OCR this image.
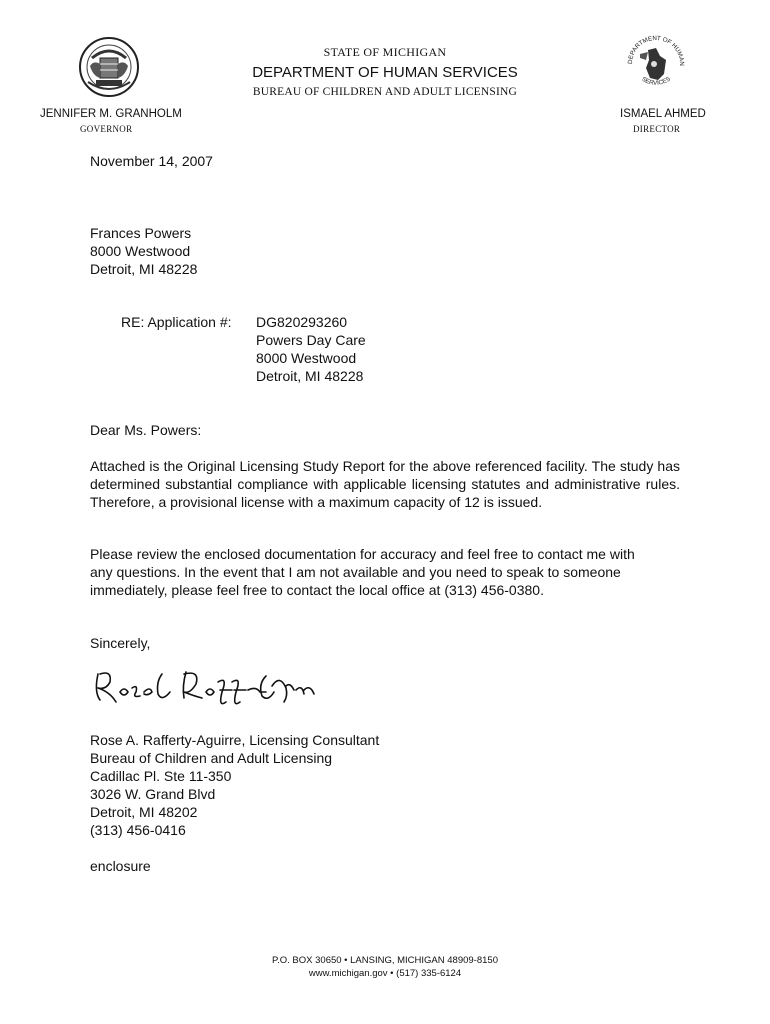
DEPARTMENT OF HUMAN
SERVICES
STATE OF MICHIGAN
DEPARTMENT OF HUMAN SERVICES
BUREAU OF CHILDREN AND ADULT LICENSING
JENNIFER M. GRANHOLM
GOVERNOR
ISMAEL AHMED
DIRECTOR
November 14, 2007
Frances Powers
8000 Westwood
Detroit, MI 48228
RE: Application #: DG820293260
Powers Day Care
8000 Westwood
Detroit, MI 48228
Dear Ms. Powers:
Attached is the Original Licensing Study Report for the above referenced facility. The study has determined substantial compliance with applicable licensing statutes and administrative rules. Therefore, a provisional license with a maximum capacity of 12 is issued.
Please review the enclosed documentation for accuracy and feel free to contact me with
any questions. In the event that I am not available and you need to speak to someone
immediately, please feel free to contact the local office at (313) 456-0380.
Sincerely,
Rose A. Rafferty-Aguirre, Licensing Consultant
Bureau of Children and Adult Licensing
Cadillac Pl. Ste 11-350
3026 W. Grand Blvd
Detroit, MI 48202
(313) 456-0416
enclosure
P.O. BOX 30650 • LANSING, MICHIGAN 48909-8150
www.michigan.gov • (517) 335-6124
